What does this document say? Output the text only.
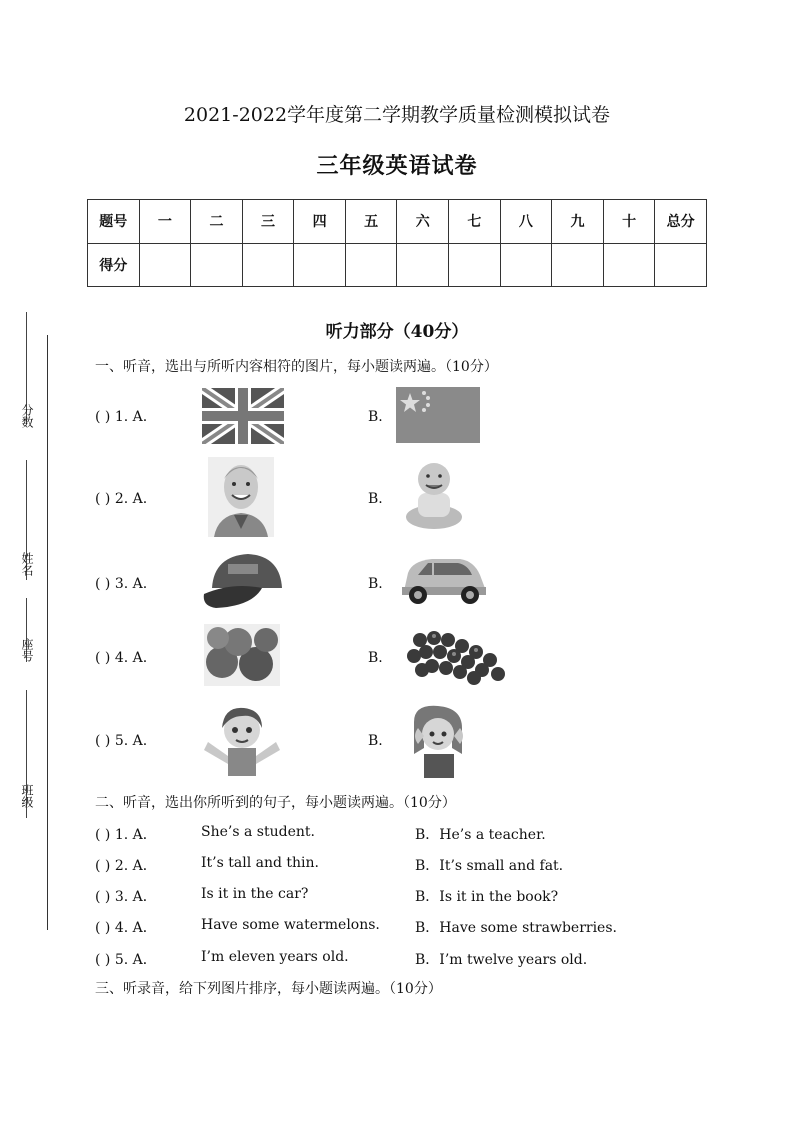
2021-2022学年度第二学期教学质量检测模拟试卷
三年级英语试卷
题号	一	二	三	四	五	六	七	八	九	十	总分
得分											
分数
姓名
座号
班级
听力部分（40分）
一、听音，选出与所听内容相符的图片，每小题读两遍。（10分）
( ) 1. A.	B.
( ) 2. A.	B.
( ) 3. A.	B.
( ) 4. A.	B.
( ) 5. A.	B.
二、听音，选出你所听到的句子，每小题读两遍。（10分）
( ) 1. A．	She’s a student.	B．He’s a teacher.
( ) 2. A．	It’s tall and thin.	B．It’s small and fat.
( ) 3. A．	Is it in the car?	B．Is it in the book?
( ) 4. A．	Have some watermelons.	B．Have some strawberries.
( ) 5. A．	I’m eleven years old.	B．I’m twelve years old.
三、听录音，给下列图片排序，每小题读两遍。（10分）
